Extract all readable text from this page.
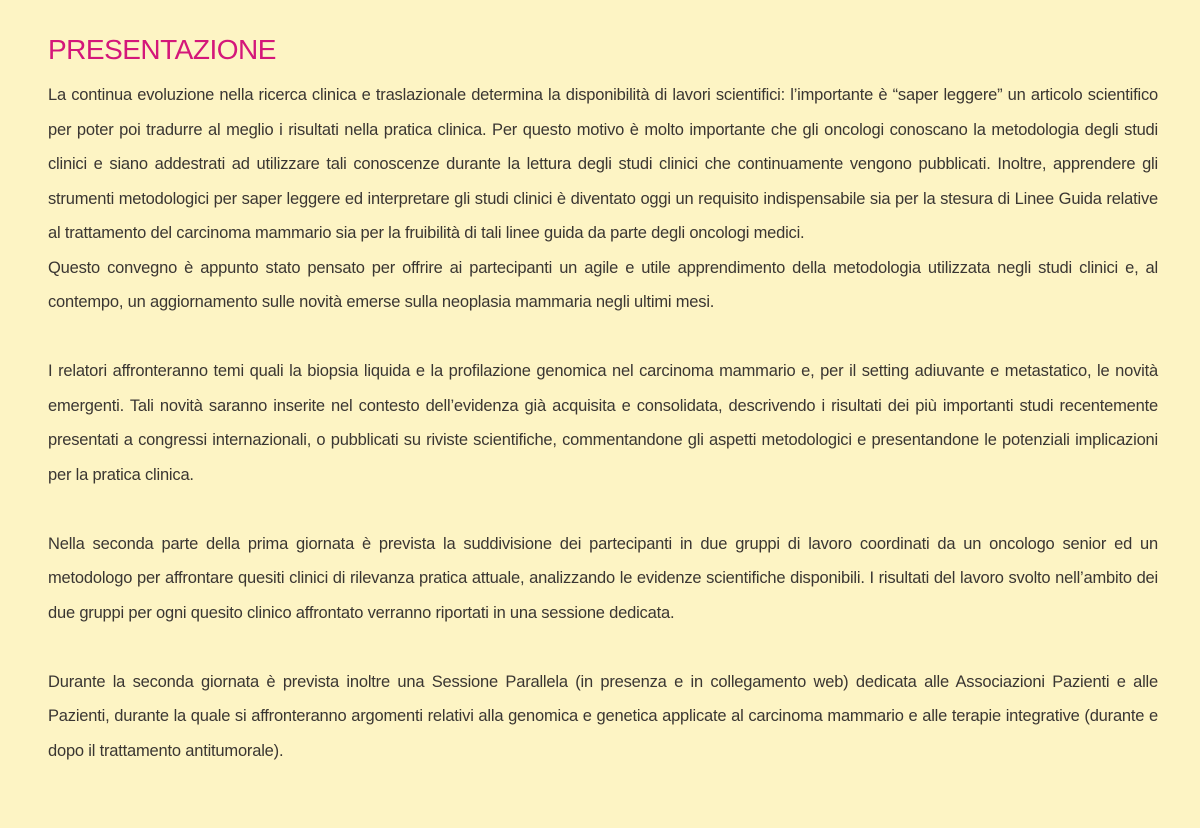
PRESENTAZIONE

La continua evoluzione nella ricerca clinica e traslazionale determina la disponibilità di lavori scientifici: l’importante è “saper leggere” un articolo scientifico per poter poi tradurre al meglio i risultati nella pratica clinica. Per questo motivo è molto importante che gli oncologi conoscano la metodologia degli studi clinici e siano addestrati ad utilizzare tali conoscenze durante la lettura degli studi clinici che continuamente vengono pubblicati. Inoltre, apprendere gli strumenti metodologici per saper leggere ed interpretare gli studi clinici è diventato oggi un requisito indispensabile sia per la stesura di Linee Guida relative al trattamento del carcinoma mammario sia per la fruibilità di tali linee guida da parte degli oncologi medici.

Questo convegno è appunto stato pensato per offrire ai partecipanti un agile e utile apprendimento della metodologia utilizzata negli studi clinici e, al contempo, un aggiornamento sulle novità emerse sulla neoplasia mammaria negli ultimi mesi.

I relatori affronteranno temi quali la biopsia liquida e la profilazione genomica nel carcinoma mammario e, per il setting adiuvante e metastatico, le novità emergenti. Tali novità saranno inserite nel contesto dell’evidenza già acquisita e consolidata, descrivendo i risultati dei più importanti studi recentemente presentati a congressi internazionali, o pubblicati su riviste scientifiche, commentandone gli aspetti metodologici e presentandone le potenziali implicazioni per la pratica clinica.

Nella seconda parte della prima giornata è prevista la suddivisione dei partecipanti in due gruppi di lavoro coordinati da un oncologo senior ed un metodologo per affrontare quesiti clinici di rilevanza pratica attuale, analizzando le evidenze scientifiche disponibili. I risultati del lavoro svolto nell’ambito dei due gruppi per ogni quesito clinico affrontato verranno riportati in una sessione dedicata.

Durante la seconda giornata è prevista inoltre una Sessione Parallela (in presenza e in collegamento web) dedicata alle Associazioni Pazienti e alle Pazienti, durante la quale si affronteranno argomenti relativi alla genomica e genetica applicate al carcinoma mammario e alle terapie integrative (durante e dopo il trattamento antitumorale).
